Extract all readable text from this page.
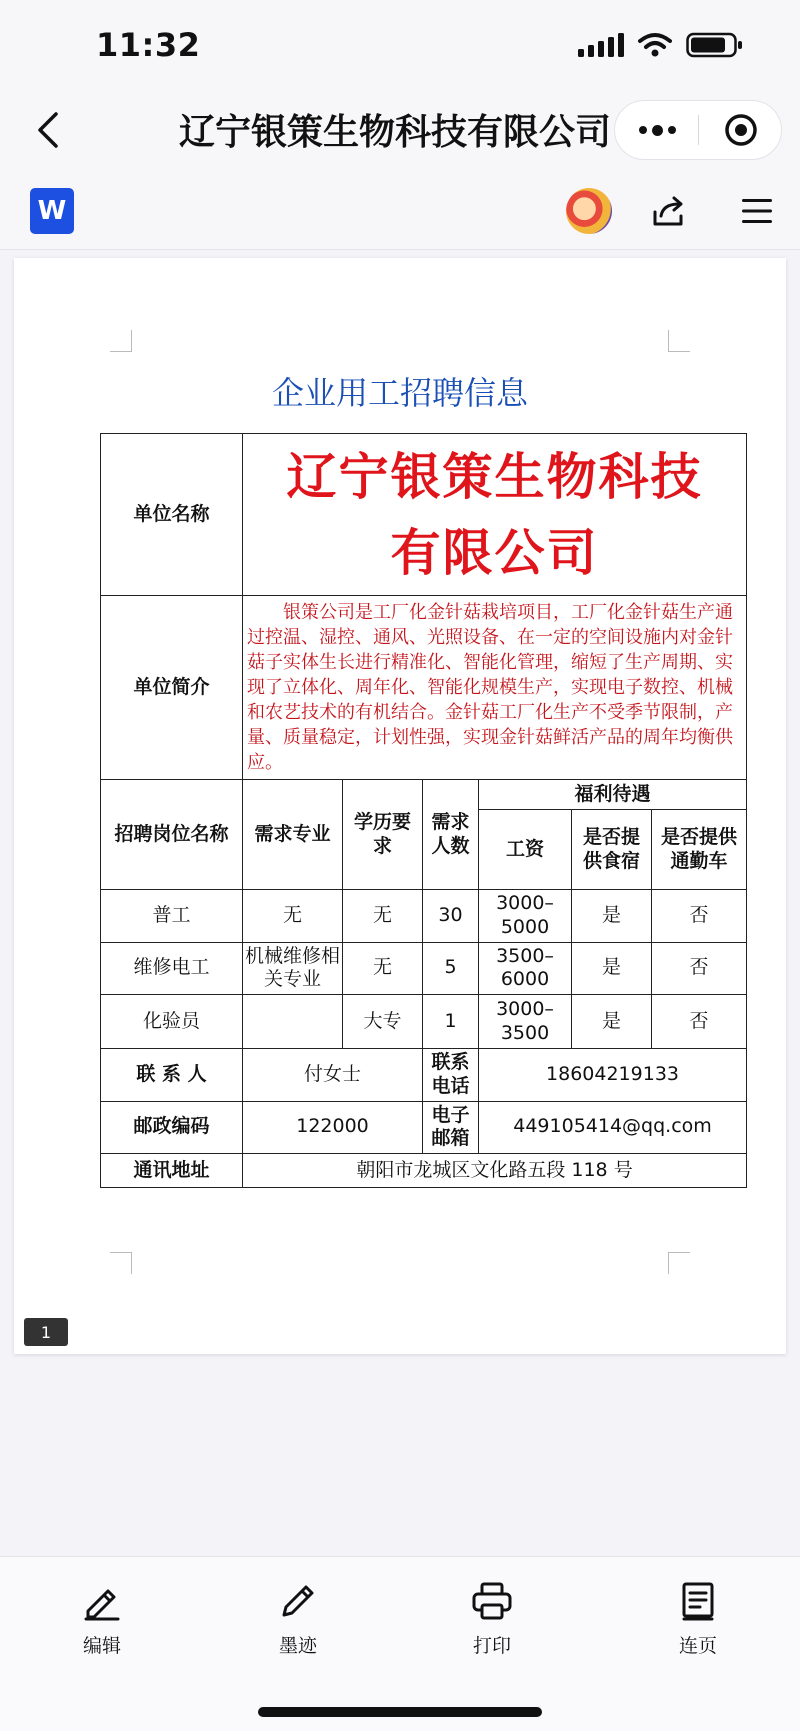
11:32
辽宁银策生物科技有限公司
W
企业用工招聘信息
单位名称	辽宁银策生物科技
有限公司					

单位简介	银策公司是工厂化金针菇栽培项目，工厂化金针菇生产通过控温、湿控、通风、光照设备、在一定的空间设施内对金针菇子实体生长进行精准化、智能化管理，缩短了生产周期、实现了立体化、周年化、智能化规模生产，实现电子数控、机械和农艺技术的有机结合。金针菇工厂化生产不受季节限制，产量、质量稳定，计划性强，实现金针菇鲜活产品的周年均衡供应。					
招聘岗位名称	需求专业	学历要求	需求人数	福利待遇		
				工资	是否提供食宿	是否提供通勤车
普工	无	无	30	3000–5000	是	否
维修电工	机械维修相关专业	无	5	3500–6000	是	否
化验员		大专	1	3000–3500	是	否
联 系 人	付女士		联系电话	18604219133		
邮政编码	122000		电子邮箱	449105414@qq.com		
通讯地址	朝阳市龙城区文化路五段 118 号					
1
编辑	墨迹	打印	连页
